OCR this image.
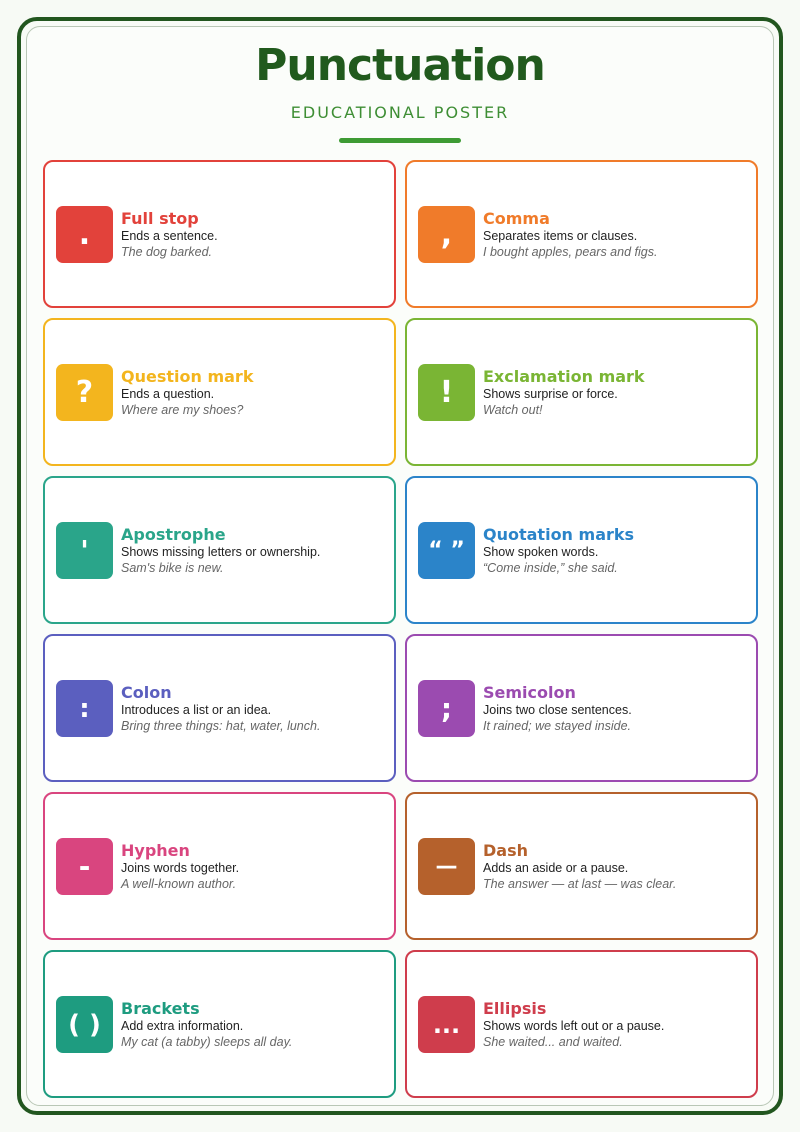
Punctuation
EDUCATIONAL POSTER
.	Full stop
Ends a sentence.
The dog barked.	,	Comma
Separates items or clauses.
I bought apples, pears and figs.
?	Question mark
Ends a question.
Where are my shoes?	!	Exclamation mark
Shows surprise or force.
Watch out!
'	Apostrophe
Shows missing letters or ownership.
Sam's bike is new.
“ ”
Quotation marks
Show spoken words.
“Come inside,” she said.
:
Colon
Introduces a list or an idea.
Bring three things: hat, water, lunch.
;	Semicolon
Joins two close sentences.
It rained; we stayed inside.
-	Hyphen
Joins words together.
A well-known author.
—
Dash
Adds an aside or a pause.
The answer — at last — was clear.
( )
Brackets
Add extra information.
My cat (a tabby) sleeps all day.
...
Ellipsis
Shows words left out or a pause.
She waited... and waited.
